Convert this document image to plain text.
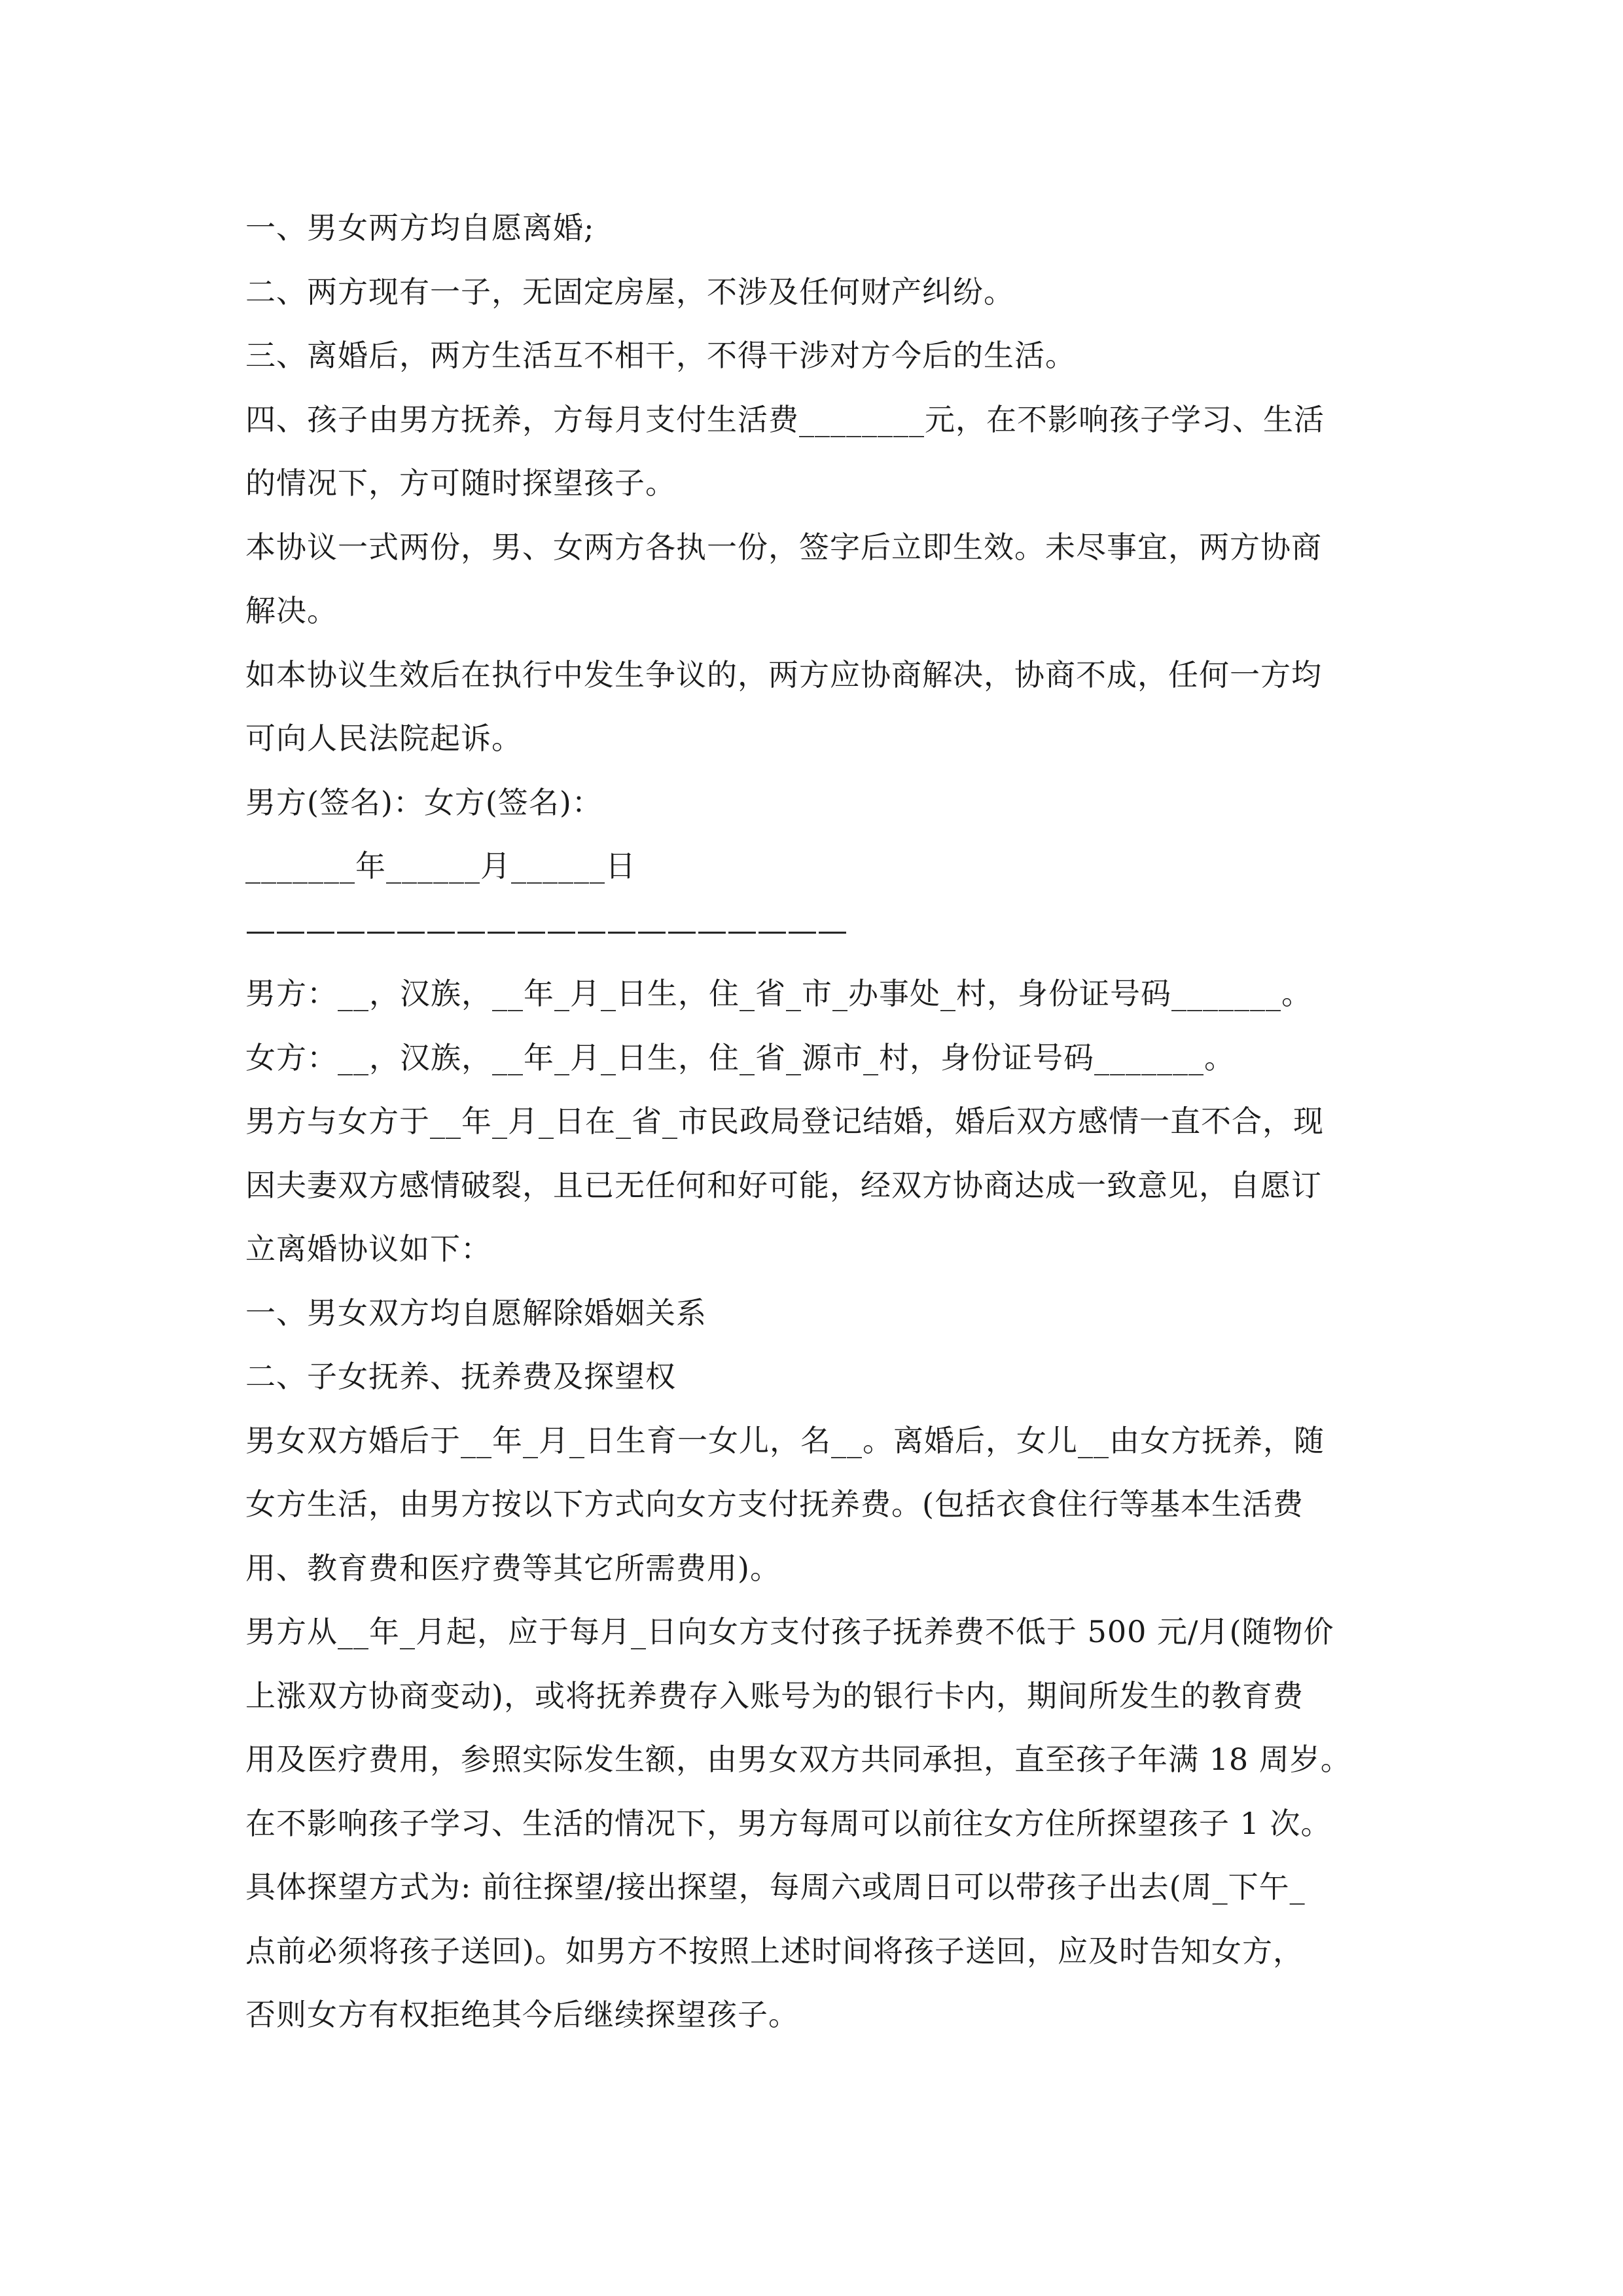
一、男女两方均自愿离婚;
二、两方现有一子，无固定房屋，不涉及任何财产纠纷。
三、离婚后，两方生活互不相干，不得干涉对方今后的生活。
四、孩子由男方抚养，方每月支付生活费________元，在不影响孩子学习、生活
的情况下，方可随时探望孩子。
本协议一式两份，男、女两方各执一份，签字后立即生效。未尽事宜，两方协商
解决。
如本协议生效后在执行中发生争议的，两方应协商解决，协商不成，任何一方均
可向人民法院起诉。
男方(签名)：女方(签名)：
_______年______月______日
————————————————————
男方：__，汉族，__年_月_日生，住_省_市_办事处_村，身份证号码_______。
女方：__，汉族，__年_月_日生，住_省_源市_村，身份证号码_______。
男方与女方于__年_月_日在_省_市民政局登记结婚，婚后双方感情一直不合，现
因夫妻双方感情破裂，且已无任何和好可能，经双方协商达成一致意见，自愿订
立离婚协议如下：
一、男女双方均自愿解除婚姻关系
二、子女抚养、抚养费及探望权
男女双方婚后于__年_月_日生育一女儿，名__。离婚后，女儿__由女方抚养，随
女方生活，由男方按以下方式向女方支付抚养费。(包括衣食住行等基本生活费
用、教育费和医疗费等其它所需费用)。
男方从__年_月起，应于每月_日向女方支付孩子抚养费不低于 500 元/月(随物价
上涨双方协商变动)，或将抚养费存入账号为的银行卡内，期间所发生的教育费
用及医疗费用，参照实际发生额，由男女双方共同承担，直至孩子年满 18 周岁。
在不影响孩子学习、生活的情况下，男方每周可以前往女方住所探望孩子 1 次。
具体探望方式为: 前往探望/接出探望，每周六或周日可以带孩子出去(周_下午_
点前必须将孩子送回)。如男方不按照上述时间将孩子送回，应及时告知女方，
否则女方有权拒绝其今后继续探望孩子。
